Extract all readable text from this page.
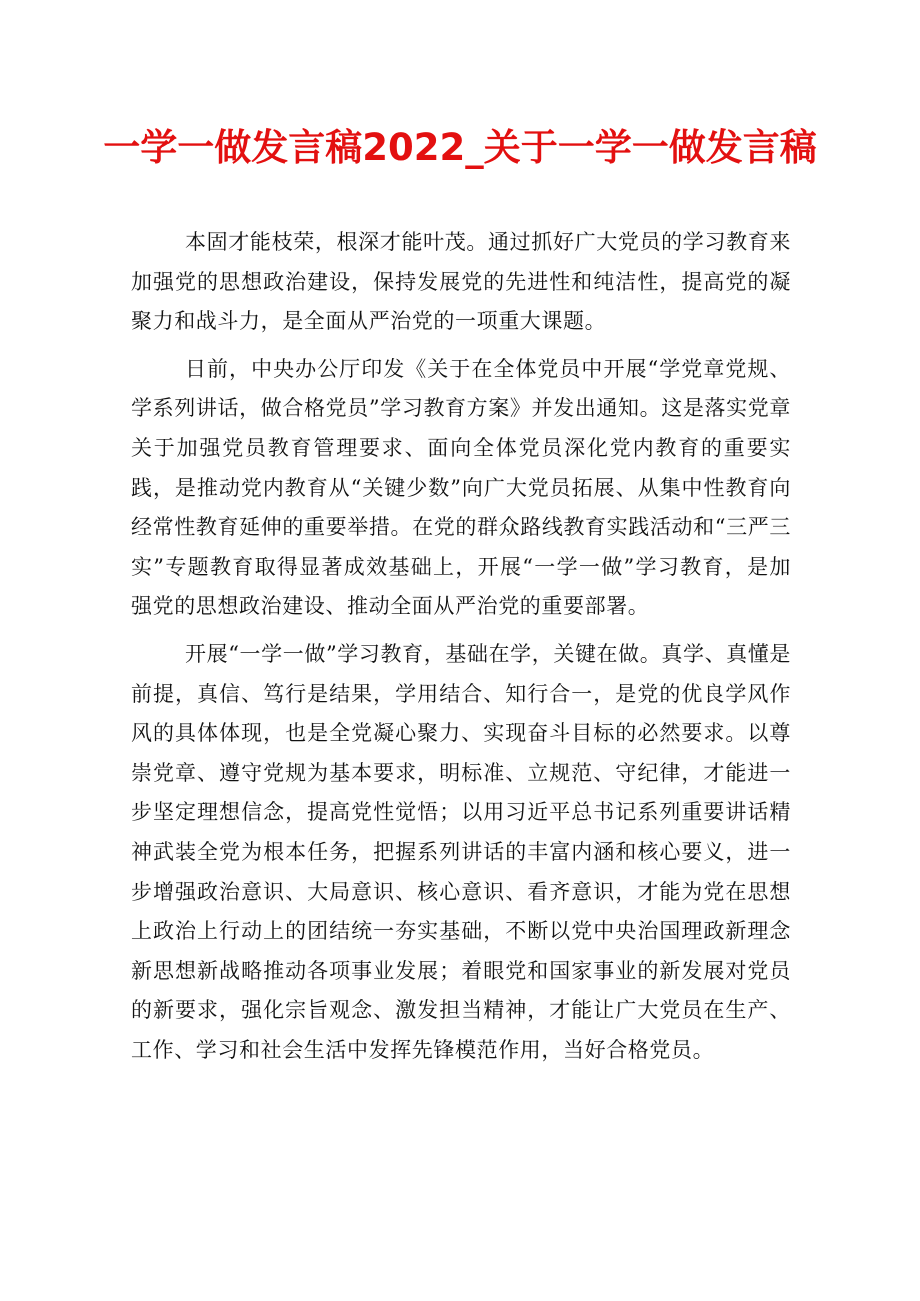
一学一做发言稿2022_关于一学一做发言稿

本固才能枝荣，根深才能叶茂。通过抓好广大党员的学习教育来加强党的思想政治建设，保持发展党的先进性和纯洁性，提高党的凝聚力和战斗力，是全面从严治党的一项重大课题。

日前，中央办公厅印发《关于在全体党员中开展“学党章党规、学系列讲话，做合格党员”学习教育方案》并发出通知。这是落实党章关于加强党员教育管理要求、面向全体党员深化党内教育的重要实践，是推动党内教育从“关键少数”向广大党员拓展、从集中性教育向经常性教育延伸的重要举措。在党的群众路线教育实践活动和“三严三实”专题教育取得显著成效基础上，开展“一学一做”学习教育，是加强党的思想政治建设、推动全面从严治党的重要部署。

开展“一学一做”学习教育，基础在学，关键在做。真学、真懂是前提，真信、笃行是结果，学用结合、知行合一，是党的优良学风作风的具体体现，也是全党凝心聚力、实现奋斗目标的必然要求。以尊崇党章、遵守党规为基本要求，明标准、立规范、守纪律，才能进一步坚定理想信念，提高党性觉悟；以用习近平总书记系列重要讲话精神武装全党为根本任务，把握系列讲话的丰富内涵和核心要义，进一步增强政治意识、大局意识、核心意识、看齐意识，才能为党在思想上政治上行动上的团结统一夯实基础，不断以党中央治国理政新理念新思想新战略推动各项事业发展；着眼党和国家事业的新发展对党员的新要求，强化宗旨观念、激发担当精神，才能让广大党员在生产、工作、学习和社会生活中发挥先锋模范作用，当好合格党员。
